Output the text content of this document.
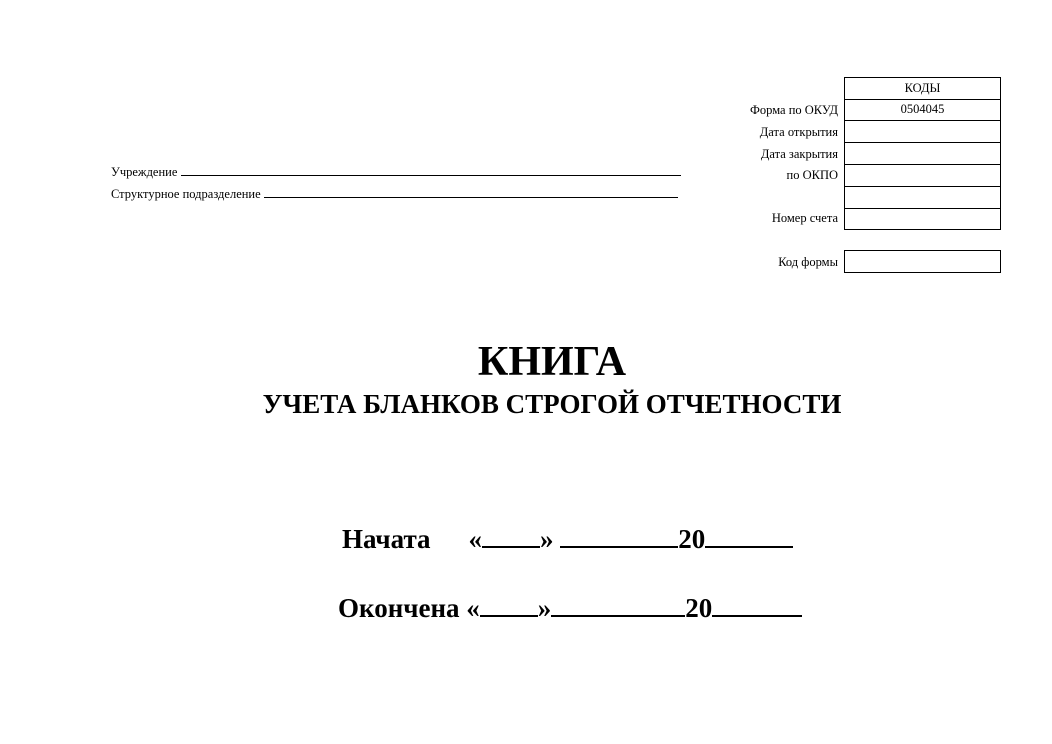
Учреждение
Структурное подразделение
КОДЫ
Форма по ОКУД	0504045
Дата открытия
Дата закрытия
по ОКПО
Номер счета
Код формы
КНИГА
УЧЕТА БЛАНКОВ СТРОГОЙ ОТЧЕТНОСТИ
Начата « »	20
Окончена « »	20
